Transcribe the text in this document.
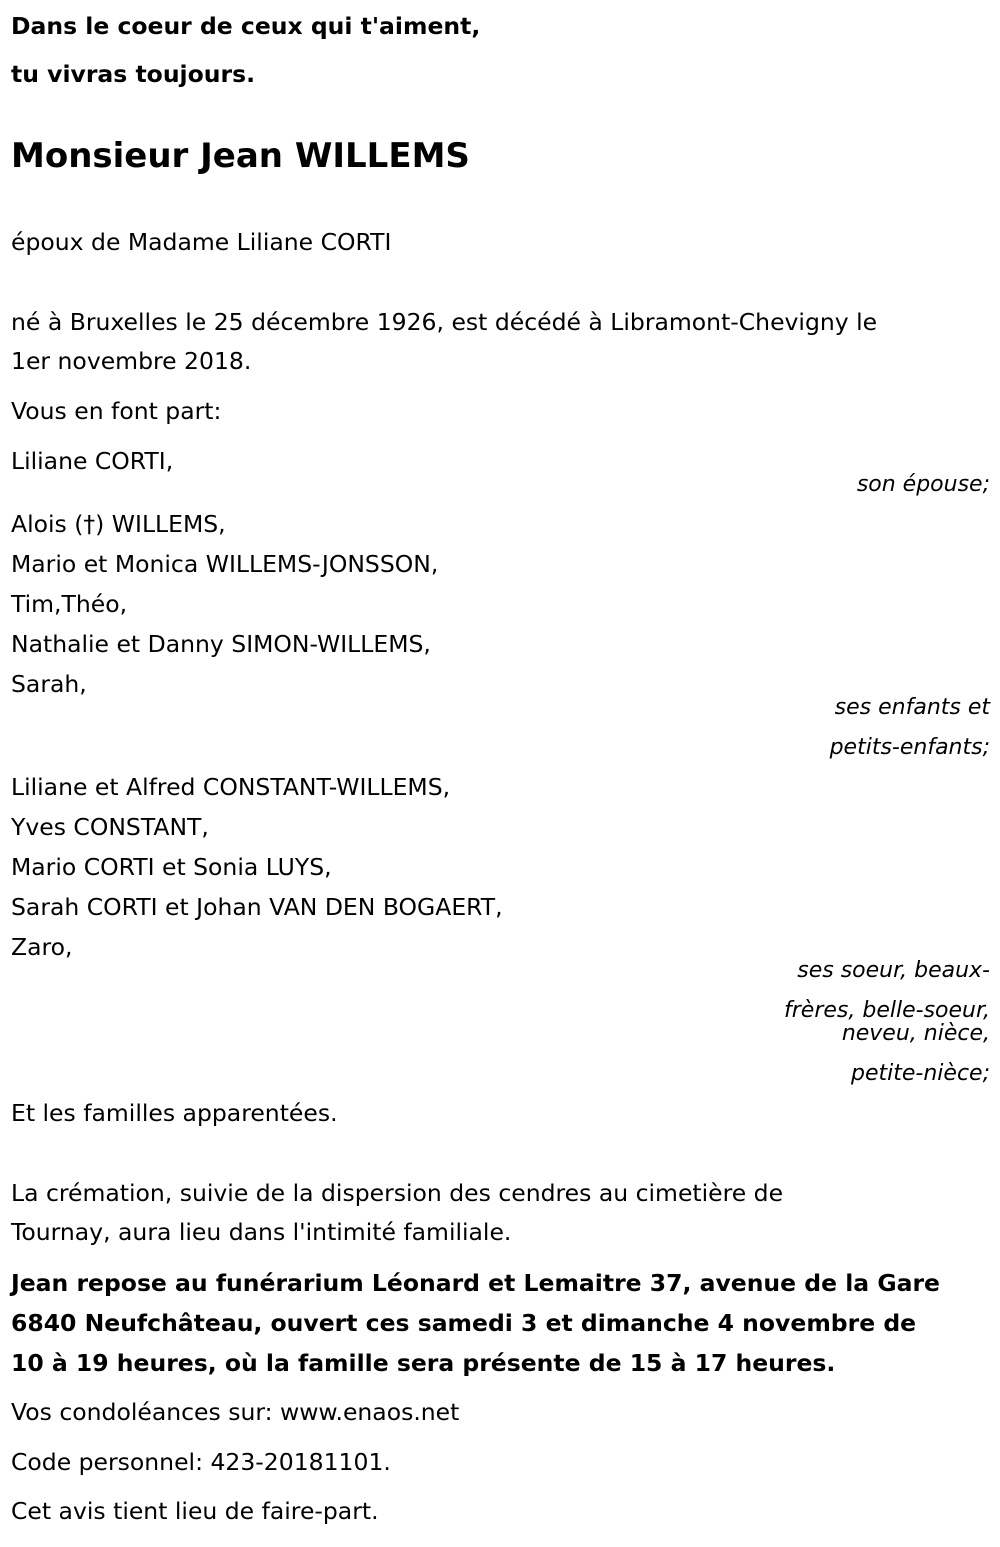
Dans le coeur de ceux qui t'aiment,

tu vivras toujours.

Monsieur Jean WILLEMS

époux de Madame Liliane CORTI

né à Bruxelles le 25 décembre 1926, est décédé à Libramont-Chevigny le

1er novembre 2018.

Vous en font part:

Liliane CORTI,

son épouse;

Alois (†) WILLEMS,
Mario et Monica WILLEMS-JONSSON,
Tim,Théo,
Nathalie et Danny SIMON-WILLEMS,
Sarah,

ses enfants et

petits-enfants;

Liliane et Alfred CONSTANT-WILLEMS,
Yves CONSTANT,
Mario CORTI et Sonia LUYS,
Sarah CORTI et Johan VAN DEN BOGAERT,
Zaro,

ses soeur, beaux-

frères, belle-soeur,

neveu, nièce,

petite-nièce;

Et les familles apparentées.

La crémation, suivie de la dispersion des cendres au cimetière de

Tournay, aura lieu dans l'intimité familiale.

Jean repose au funérarium Léonard et Lemaitre 37, avenue de la Gare

6840 Neufchâteau, ouvert ces samedi 3 et dimanche 4 novembre de

10 à 19 heures, où la famille sera présente de 15 à 17 heures.

Vos condoléances sur: www.enaos.net

Code personnel: 423-20181101.

Cet avis tient lieu de faire-part.
